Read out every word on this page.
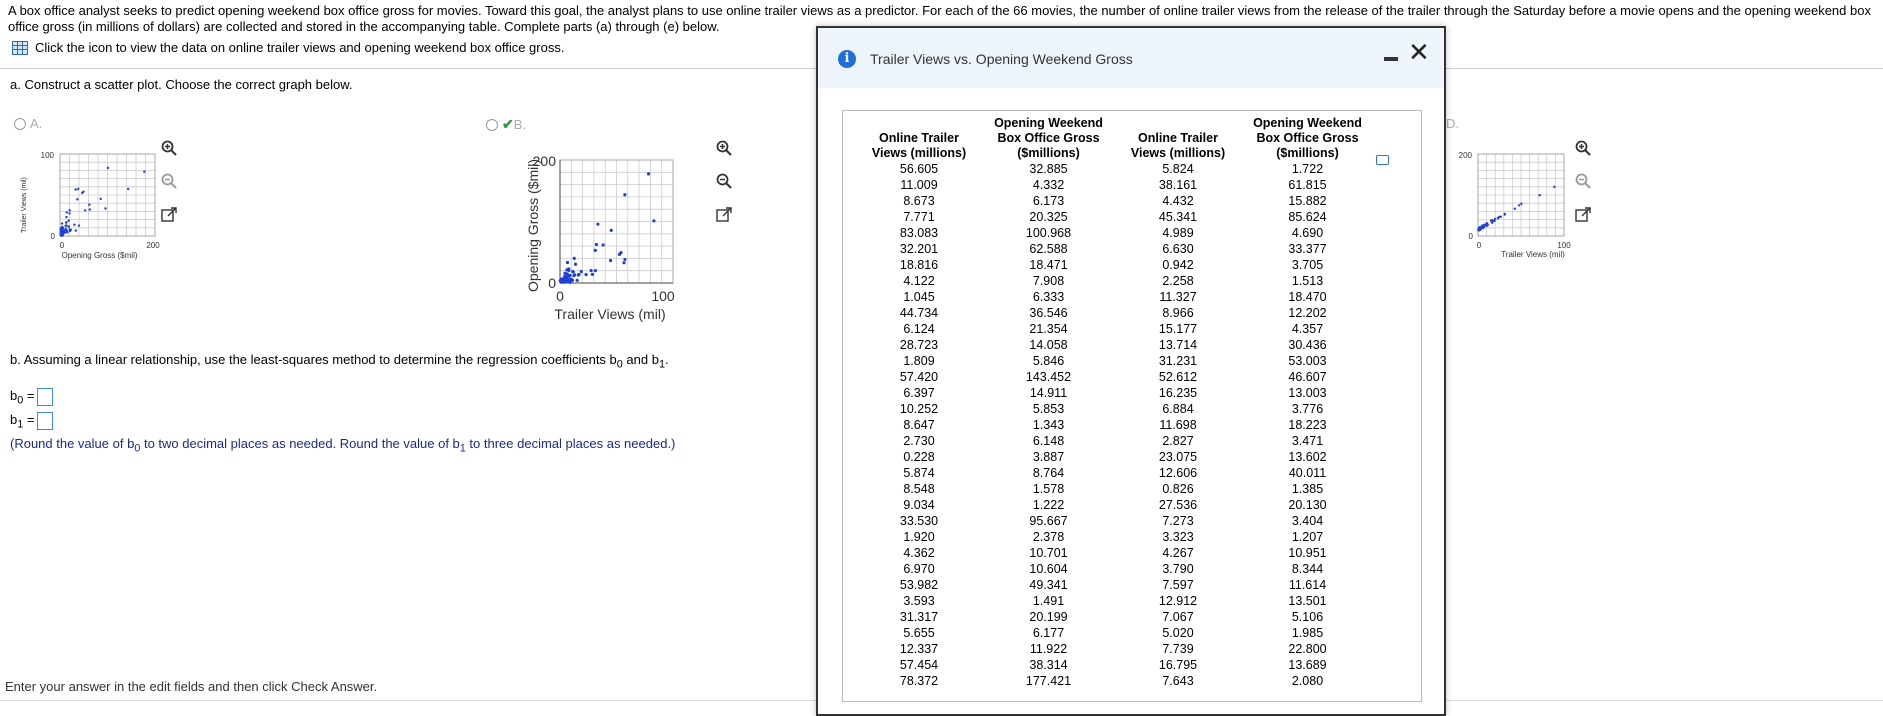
A box office analyst seeks to predict opening weekend box office gross for movies. Toward this goal, the analyst plans to use online trailer views as a predictor. For each of the 66 movies, the number of online trailer views from the release of the trailer through the Saturday before a movie opens and the opening weekend box office gross (in millions of dollars) are collected and stored in the accompanying table. Complete parts (a) through (e) below.
Click the icon to view the data on online trailer views and opening weekend box office gross.
a. Construct a scatter plot. Choose the correct graph below.
A.
100
0
0	200
Opening Gross ($mil)
Trailer Views (mil)
✔ B.
200
0
0	100
Trailer Views (mil)
Opening Gross ($mil)
D.
200
0
0	100
Trailer Views (mil)
b. Assuming a linear relationship, use the least-squares method to determine the regression coefficients $b_0$ and $b_1$.
$b_0$ =
$b_1$ =
(Round the value of $b_0$ to two decimal places as needed. Round the value of $b_1$ to three decimal places as needed.)
Enter your answer in the edit fields and then click Check Answer.
i	Trailer Views vs. Opening Weekend Gross	✕
Online Trailer Views (millions)	Opening Weekend Box Office Gross ($millions)	Online Trailer Views (millions)	Opening Weekend Box Office Gross ($millions)
56.605	32.885	5.824	1.722
11.009	4.332	38.161	61.815
8.673	6.173	4.432	15.882
7.771	20.325	45.341	85.624
83.083	100.968	4.989	4.690
32.201	62.588	6.630	33.377
18.816	18.471	0.942	3.705
4.122	7.908	2.258	1.513
1.045	6.333	11.327	18.470
44.734	36.546	8.966	12.202
6.124	21.354	15.177	4.357
28.723	14.058	13.714	30.436
1.809	5.846	31.231	53.003
57.420	143.452	52.612	46.607
6.397	14.911	16.235	13.003
10.252	5.853	6.884	3.776
8.647	1.343	11.698	18.223
2.730	6.148	2.827	3.471
0.228	3.887	23.075	13.602
5.874	8.764	12.606	40.011
8.548	1.578	0.826	1.385
9.034	1.222	27.536	20.130
33.530	95.667	7.273	3.404
1.920	2.378	3.323	1.207
4.362	10.701	4.267	10.951
6.970	10.604	3.790	8.344
53.982	49.341	7.597	11.614
3.593	1.491	12.912	13.501
31.317	20.199	7.067	5.106
5.655	6.177	5.020	1.985
12.337	11.922	7.739	22.800
57.454	38.314	16.795	13.689
78.372	177.421	7.643	2.080
